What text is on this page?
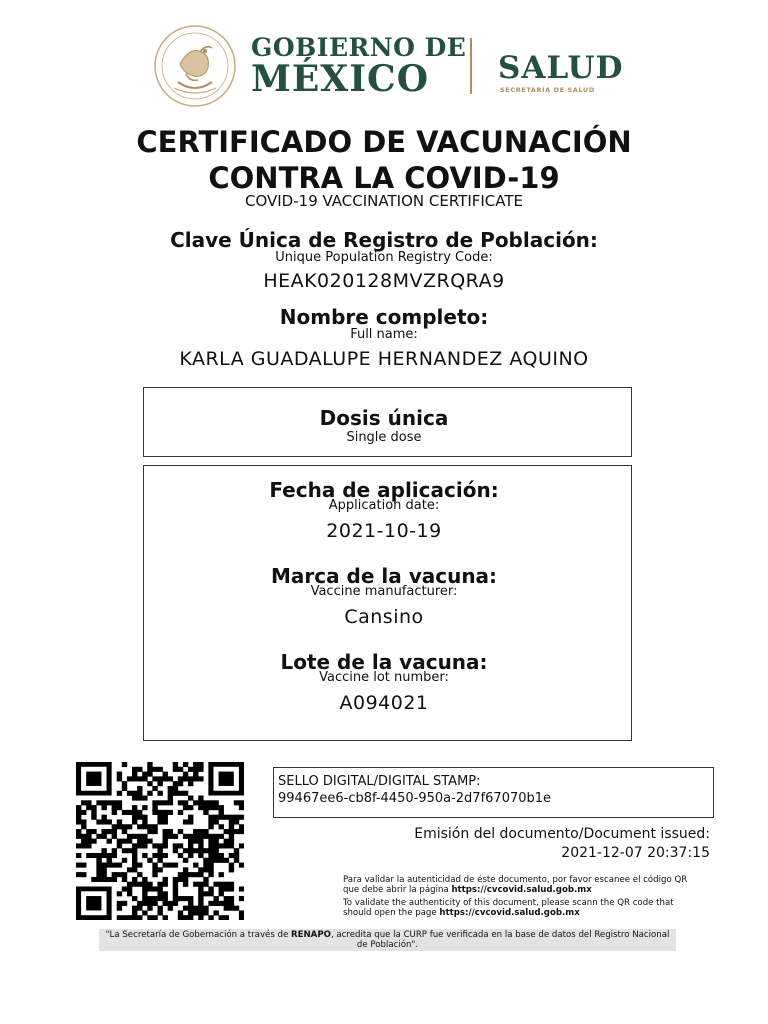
GOBIERNO DE
MÉXICO SALUD
SECRETARÍA DE SALUD
CERTIFICADO DE VACUNACIÓN
CONTRA LA COVID-19
COVID-19 VACCINATION CERTIFICATE
Clave Única de Registro de Población:
Unique Population Registry Code:
HEAK020128MVZRQRA9
Nombre completo:
Full name:
KARLA GUADALUPE HERNANDEZ AQUINO
Dosis única
Single dose
Fecha de aplicación:
Application date:
2021-10-19
Marca de la vacuna:
Vaccine manufacturer:
Cansino
Lote de la vacuna:
Vaccine lot number:
A094021
SELLO DIGITAL/DIGITAL STAMP:
99467ee6-cb8f-4450-950a-2d7f67070b1e
Emisión del documento/Document issued:
2021-12-07 20:37:15
Para validar la autenticidad de éste documento, por favor escanee el código QR que debe abrir la página https://cvcovid.salud.gob.mx
To validate the authenticity of this document, please scann the QR code that should open the page https://cvcovid.salud.gob.mx
"La Secretaría de Gobernación a través de RENAPO, acredita que la CURP fue verificada en la base de datos del Registro Nacional de Población".
